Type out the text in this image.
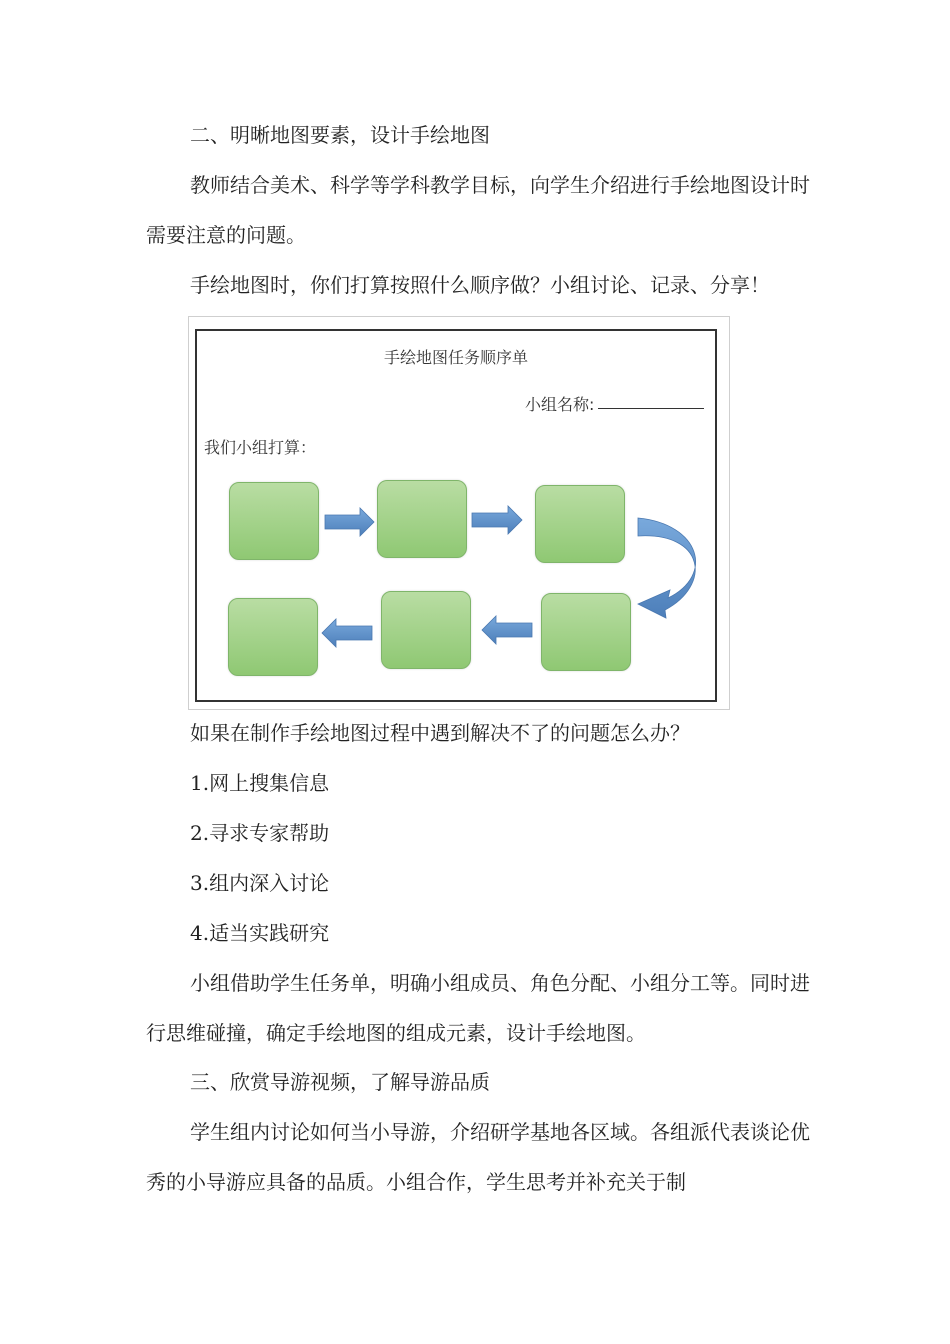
二、明晰地图要素，设计手绘地图

教师结合美术、科学等学科教学目标，向学生介绍进行手绘地图设计时需要注意的问题。

手绘地图时，你们打算按照什么顺序做？小组讨论、记录、分享！

手绘地图任务顺序单
小组名称:
我们小组打算：

如果在制作手绘地图过程中遇到解决不了的问题怎么办？

1.网上搜集信息

2.寻求专家帮助

3.组内深入讨论

4.适当实践研究

小组借助学生任务单，明确小组成员、角色分配、小组分工等。同时进行思维碰撞，确定手绘地图的组成元素，设计手绘地图。

三、欣赏导游视频，了解导游品质

学生组内讨论如何当小导游，介绍研学基地各区域。各组派代表谈论优秀的小导游应具备的品质。小组合作，学生思考并补充关于制
